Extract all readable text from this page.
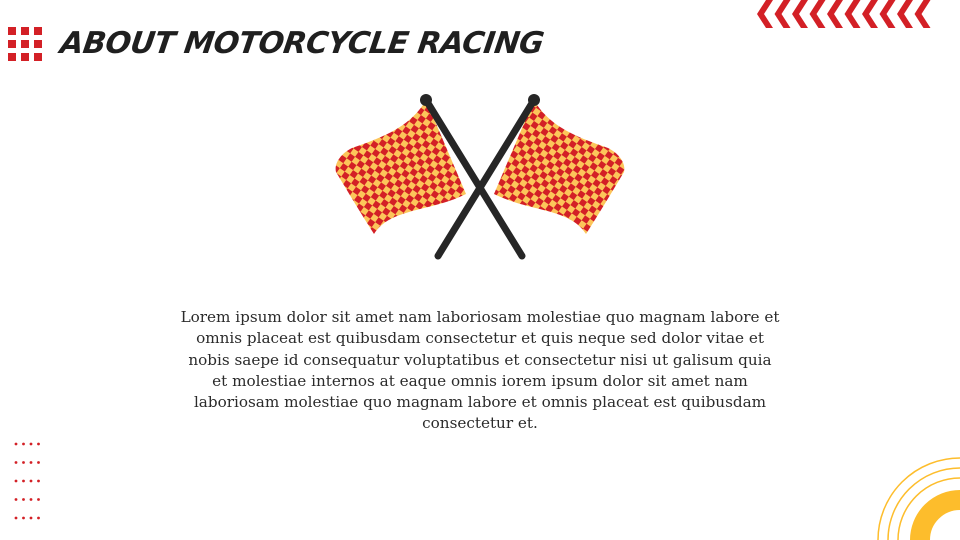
ABOUT MOTORCYCLE RACING
Lorem ipsum dolor sit amet nam laboriosam molestiae quo magnam labore et omnis placeat est quibusdam consectetur et quis neque sed dolor vitae et nobis saepe id consequatur voluptatibus et consectetur nisi ut galisum quia et molestiae internos at eaque omnis iorem ipsum dolor sit amet nam laboriosam molestiae quo magnam labore et omnis placeat est quibusdam consectetur et.
